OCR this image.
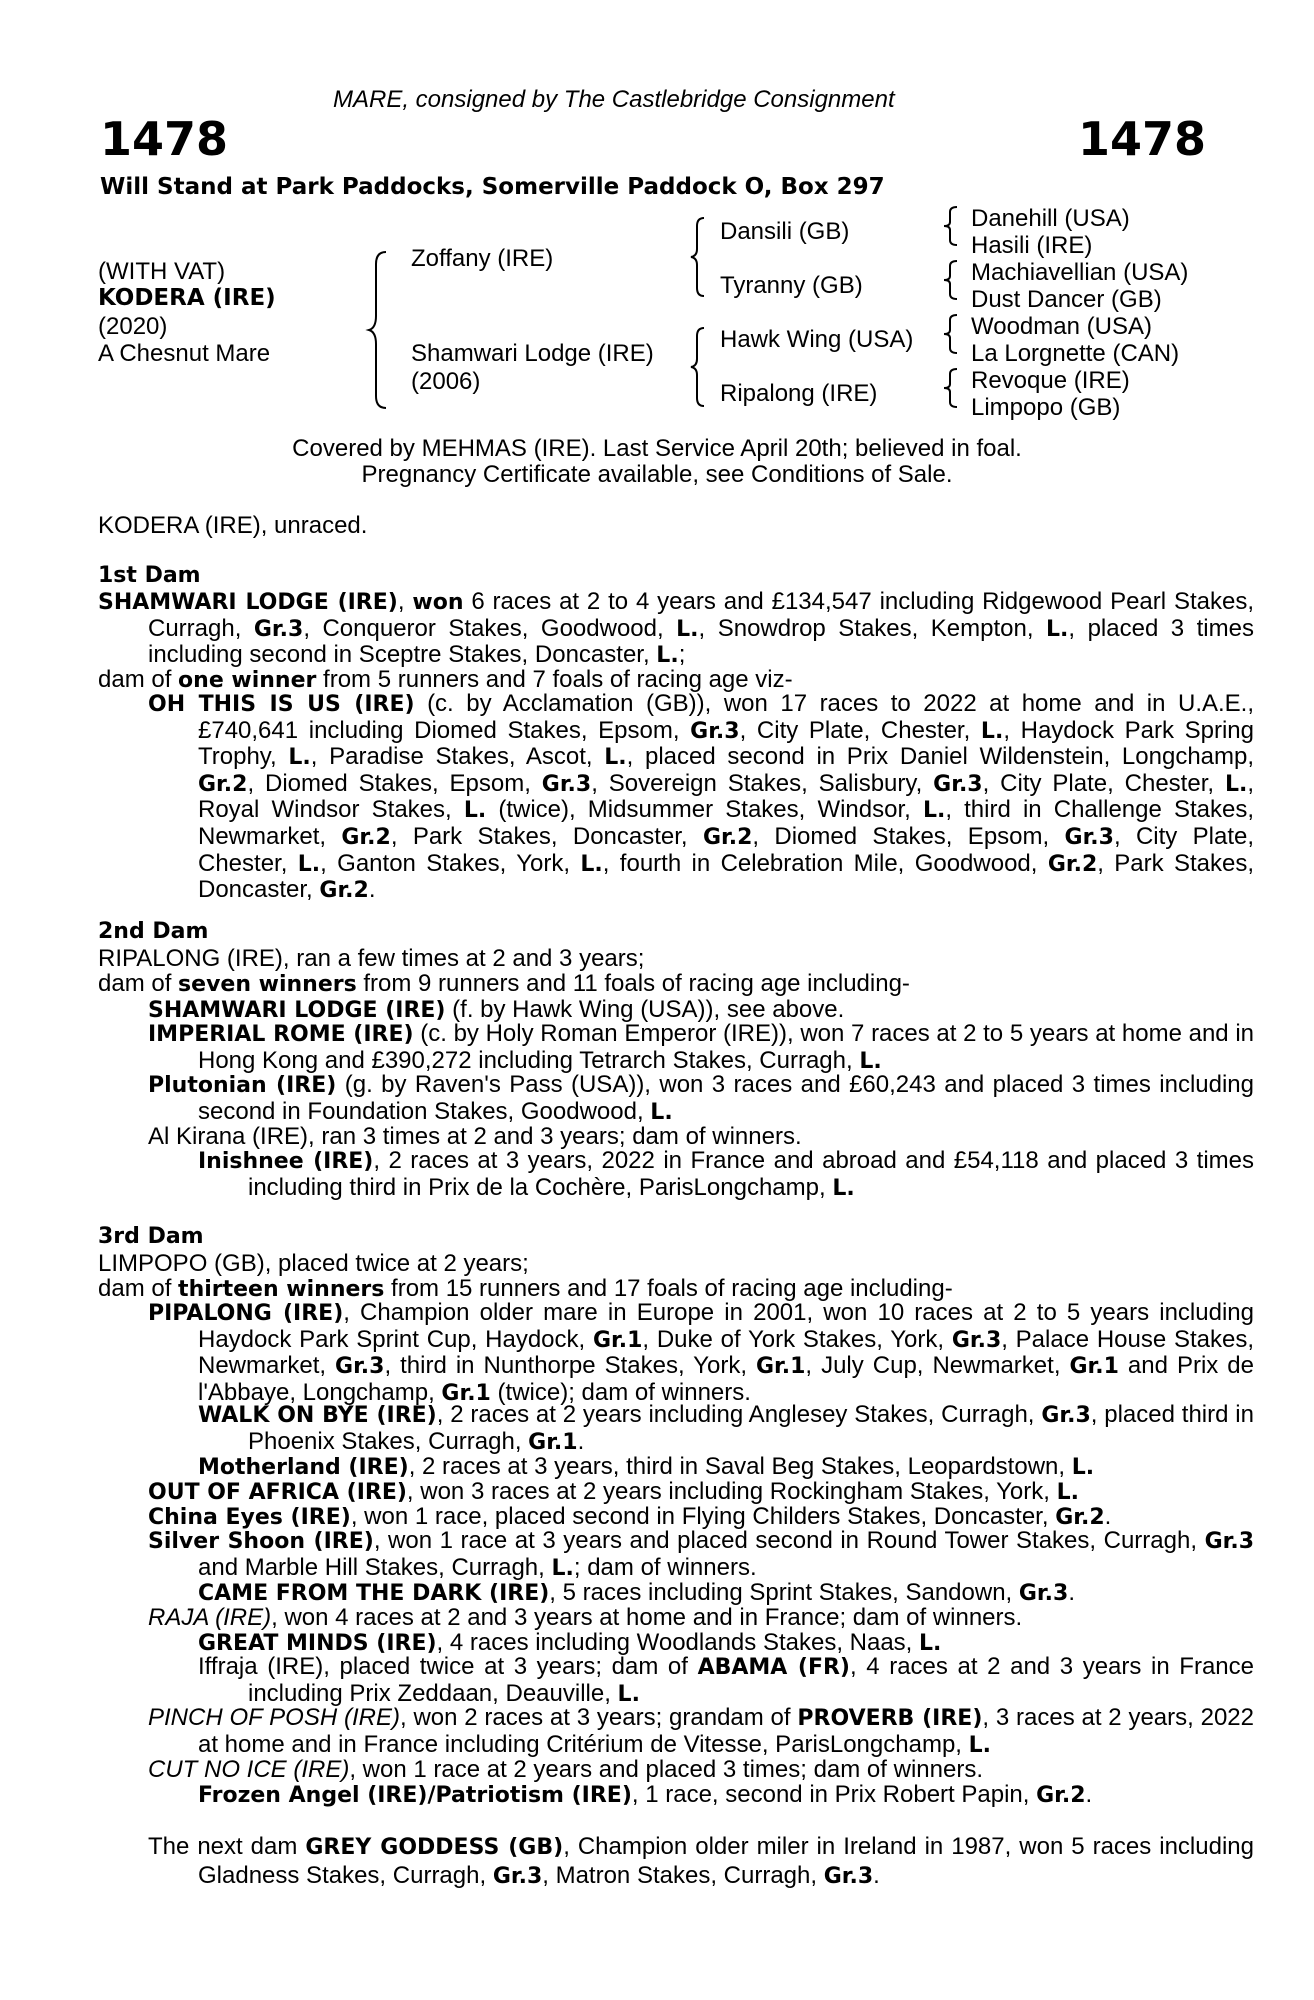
MARE, consigned by The Castlebridge Consignment
1478	1478
Will Stand at Park Paddocks, Somerville Paddock O, Box 297
(WITH VAT)
KODERA (IRE)
(2020)
A Chesnut Mare
Zoffany (IRE)
Shamwari Lodge (IRE)
(2006)
Dansili (GB)
Tyranny (GB)
Hawk Wing (USA)
Ripalong (IRE)
Danehill (USA)
Hasili (IRE)
Machiavellian (USA)
Dust Dancer (GB)
Woodman (USA)
La Lorgnette (CAN)
Revoque (IRE)
Limpopo (GB)
Covered by MEHMAS (IRE). Last Service April 20th; believed in foal.
Pregnancy Certificate available, see Conditions of Sale.
KODERA (IRE), unraced.
1st Dam
SHAMWARI LODGE (IRE), won 6 races at 2 to 4 years and £134,547 including Ridgewood Pearl Stakes, Curragh, Gr.3, Conqueror Stakes, Goodwood, L., Snowdrop Stakes, Kempton, L., placed 3 times including second in Sceptre Stakes, Doncaster, L.;
dam of one winner from 5 runners and 7 foals of racing age viz-
OH THIS IS US (IRE) (c. by Acclamation (GB)), won 17 races to 2022 at home and in U.A.E., £740,641 including Diomed Stakes, Epsom, Gr.3, City Plate, Chester, L., Haydock Park Spring Trophy, L., Paradise Stakes, Ascot, L., placed second in Prix Daniel Wildenstein, Longchamp, Gr.2, Diomed Stakes, Epsom, Gr.3, Sovereign Stakes, Salisbury, Gr.3, City Plate, Chester, L., Royal Windsor Stakes, L. (twice), Midsummer Stakes, Windsor, L., third in Challenge Stakes, Newmarket, Gr.2, Park Stakes, Doncaster, Gr.2, Diomed Stakes, Epsom, Gr.3, City Plate, Chester, L., Ganton Stakes, York, L., fourth in Celebration Mile, Goodwood, Gr.2, Park Stakes, Doncaster, Gr.2.
2nd Dam
RIPALONG (IRE), ran a few times at 2 and 3 years;
dam of seven winners from 9 runners and 11 foals of racing age including-
SHAMWARI LODGE (IRE) (f. by Hawk Wing (USA)), see above.
IMPERIAL ROME (IRE) (c. by Holy Roman Emperor (IRE)), won 7 races at 2 to 5 years at home and in Hong Kong and £390,272 including Tetrarch Stakes, Curragh, L.
Plutonian (IRE) (g. by Raven's Pass (USA)), won 3 races and £60,243 and placed 3 times including second in Foundation Stakes, Goodwood, L.
Al Kirana (IRE), ran 3 times at 2 and 3 years; dam of winners.
Inishnee (IRE), 2 races at 3 years, 2022 in France and abroad and £54,118 and placed 3 times including third in Prix de la Cochère, ParisLongchamp, L.
3rd Dam
LIMPOPO (GB), placed twice at 2 years;
dam of thirteen winners from 15 runners and 17 foals of racing age including-
PIPALONG (IRE), Champion older mare in Europe in 2001, won 10 races at 2 to 5 years including Haydock Park Sprint Cup, Haydock, Gr.1, Duke of York Stakes, York, Gr.3, Palace House Stakes, Newmarket, Gr.3, third in Nunthorpe Stakes, York, Gr.1, July Cup, Newmarket, Gr.1 and Prix de l'Abbaye, Longchamp, Gr.1 (twice); dam of winners.
WALK ON BYE (IRE), 2 races at 2 years including Anglesey Stakes, Curragh, Gr.3, placed third in Phoenix Stakes, Curragh, Gr.1.
Motherland (IRE), 2 races at 3 years, third in Saval Beg Stakes, Leopardstown, L.
OUT OF AFRICA (IRE), won 3 races at 2 years including Rockingham Stakes, York, L.
China Eyes (IRE), won 1 race, placed second in Flying Childers Stakes, Doncaster, Gr.2.
Silver Shoon (IRE), won 1 race at 3 years and placed second in Round Tower Stakes, Curragh, Gr.3 and Marble Hill Stakes, Curragh, L.; dam of winners.
CAME FROM THE DARK (IRE), 5 races including Sprint Stakes, Sandown, Gr.3.
RAJA (IRE), won 4 races at 2 and 3 years at home and in France; dam of winners.
GREAT MINDS (IRE), 4 races including Woodlands Stakes, Naas, L.
Iffraja (IRE), placed twice at 3 years; dam of ABAMA (FR), 4 races at 2 and 3 years in France including Prix Zeddaan, Deauville, L.
PINCH OF POSH (IRE), won 2 races at 3 years; grandam of PROVERB (IRE), 3 races at 2 years, 2022 at home and in France including Critérium de Vitesse, ParisLongchamp, L.
CUT NO ICE (IRE), won 1 race at 2 years and placed 3 times; dam of winners.
Frozen Angel (IRE)/Patriotism (IRE), 1 race, second in Prix Robert Papin, Gr.2.
The next dam GREY GODDESS (GB), Champion older miler in Ireland in 1987, won 5 races including Gladness Stakes, Curragh, Gr.3, Matron Stakes, Curragh, Gr.3.
